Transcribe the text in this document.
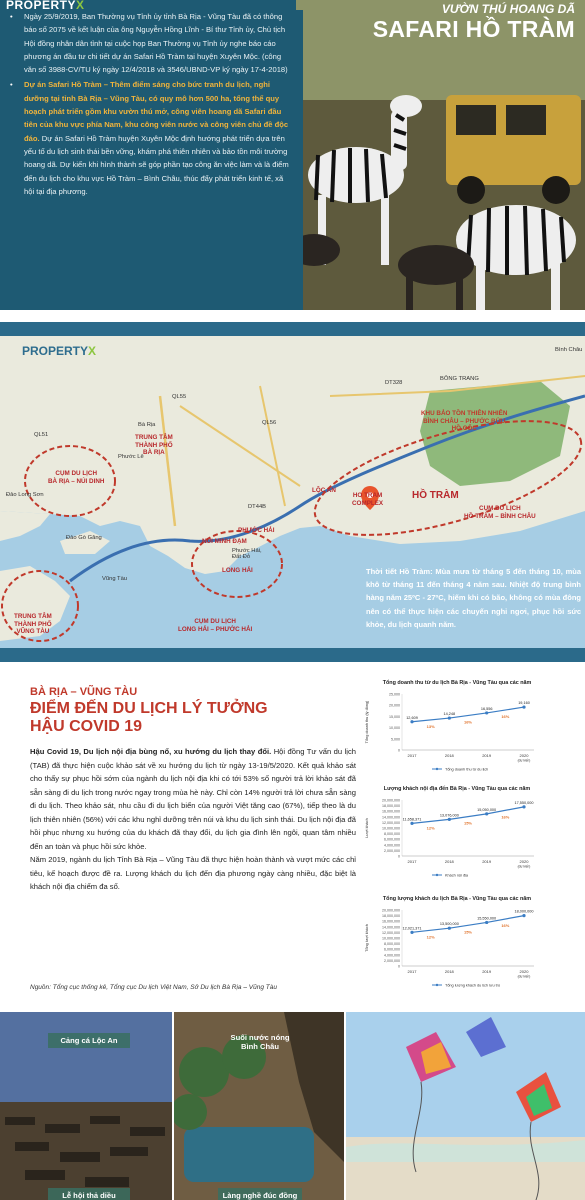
VƯỜN THÚ HOANG DÃ
SAFARI HỒ TRÀM
• Ngày 25/9/2019, Ban Thường vụ Tỉnh ủy tỉnh Bà Rịa - Vũng Tàu đã có thông báo số 2075 về kết luận của ông Nguyễn Hồng Lĩnh - Bí thư Tỉnh ủy, Chủ tịch Hội đồng nhân dân tỉnh tại cuộc họp Ban Thường vụ Tỉnh ủy nghe báo cáo phương án đầu tư chi tiết dự án Safari Hồ Tràm tại huyện Xuyên Mộc. (công văn số 3988-CV/TU ký ngày 12/4/2018 và 3546/UBND-VP ký ngày 17-4-2018)
• Dự án Safari Hồ Tràm – Thêm điểm sáng cho bức tranh du lịch, nghỉ dưỡng tại tỉnh Bà Rịa – Vũng Tàu, có quy mô hơn 500 ha, tổng thể quy hoạch phát triển gồm khu vườn thú mở, công viên hoang dã Safari đầu tiên của khu vực phía Nam, khu công viên nước và công viên chủ đề độc đáo. Dự án Safari Hồ Tràm huyện Xuyên Mộc định hướng phát triển dựa trên yếu tố du lịch sinh thái bền vững, khám phá thiên nhiên và bảo tồn môi trường hoang dã. Dự kiến khi hình thành sẽ góp phần tạo công ăn việc làm và là điểm đến du lịch cho khu vực Hồ Tràm – Bình Châu, thúc đẩy phát triển kinh tế, xã hội tại địa phương.
PROPERTYX
PROPERTYX
TRUNG TÂM
THÀNH PHỐ
BÀ RỊA
CỤM DU LỊCH
BÀ RỊA – NÚI DINH
KHU BẢO TỒN THIÊN NHIÊN
BÌNH CHÂU – PHƯỚC BỬU
HỒ CỐC
LỘC AN
HO TRAM
COMPLEX
HỒ TRÀM
CỤM DU LỊCH
HỒ TRÀM – BÌNH CHÂU
PHƯỚC HẢI
NÚI MINH ĐẠM
LONG HẢI
CỤM DU LỊCH
LONG HẢI – PHƯỚC HẢI
TRUNG TÂM
THÀNH PHỐ
VŨNG TÀU
Đảo Long Sơn
Đảo Gò Găng
Vũng Tàu
Bà Rịa
Phước Lê
Phước Hải,
Đất Đỏ
BÔNG TRANG
Bình Châu
QL55
QL51
QL56
DT328
DT44B
Thời tiết Hồ Tràm: Mùa mưa từ tháng 5 đến tháng 10, mùa khô từ tháng 11 đến tháng 4 năm sau. Nhiệt độ trung bình hàng năm 25ºC - 27ºC, hiếm khi có bão, không có mùa đông nên có thể thực hiện các chuyến nghỉ ngơi, phục hồi sức khỏe, du lịch quanh năm.
BÀ RỊA – VŨNG TÀU
ĐIỂM ĐẾN DU LỊCH LÝ TƯỞNG
HẬU COVID 19

Hậu Covid 19, Du lịch nội địa bùng nổ, xu hướng du lịch thay đổi. Hội đồng Tư vấn du lịch (TAB) đã thực hiện cuộc khảo sát về xu hướng du lịch từ ngày 13-19/5/2020. Kết quả khảo sát cho thấy sự phục hồi sớm của ngành du lịch nội địa khi có tới 53% số người trả lời khảo sát đã sẵn sàng đi du lịch trong nước ngay trong mùa hè này. Chỉ còn 14% người trả lời chưa sẵn sàng đi du lịch. Theo khảo sát, nhu cầu đi du lịch biển của người Việt tăng cao (67%), tiếp theo là du lịch thiên nhiên (56%) với các khu nghỉ dưỡng trên núi và khu du lịch sinh thái. Du lịch nội địa đã hồi phục nhưng xu hướng của du khách đã thay đổi, du lịch gia đình lên ngôi, quan tâm nhiều đến an toàn và phục hồi sức khỏe.

Năm 2019, ngành du lịch Tỉnh Bà Rịa – Vũng Tàu đã thực hiện hoàn thành và vượt mức các chỉ tiêu, kế hoạch được đề ra. Lượng khách du lịch đến địa phương ngày càng nhiều, đặc biệt là khách nội địa chiếm đa số.

Nguồn: Tổng cục thống kê, Tổng cục Du lịch Việt Nam, Sở Du lịch Bà Rịa – Vũng Tàu
Tổng doanh thu từ du lịch Bà Rịa - Vũng Tàu qua các năm
0
5,000
10,000
15,000
20,000
25,000
Tổng doanh thu (tỷ đồng)	12,609
2017
14,248
2018
16,556
2019
19,160
2020
(dự kiến)
13%
16%
16%
Tổng doanh thu từ du lịch
Lượng khách nội địa đến Bà Rịa - Vũng Tàu qua các năm
0
2,000,000
4,000,000
6,000,000
8,000,000
10,000,000
12,000,000
14,000,000
16,000,000
18,000,000
20,000,000
Lượt khách	11,658,371
2017
13,076,000
2018
15,050,000
2019
17,550,000
2020
(dự kiến)
12%
15%
16%
Khách nội địa
Tổng lượng khách du lịch Bà Rịa - Vũng Tàu qua các năm
0
2,000,000
4,000,000
6,000,000
8,000,000
10,000,000
12,000,000
14,000,000
16,000,000
18,000,000
20,000,000
Tổng lượt khách	12,021,371
2017
13,500,000
2018
15,550,000
2019
18,000,000
2020
(dự kiến)
12%
15%
16%
Tổng lượng khách du lịch lưu trú
Cảng cá Lộc An
Lễ hội thả diều
Suối nước nóng
Bình Châu
Làng nghề đúc đồng
